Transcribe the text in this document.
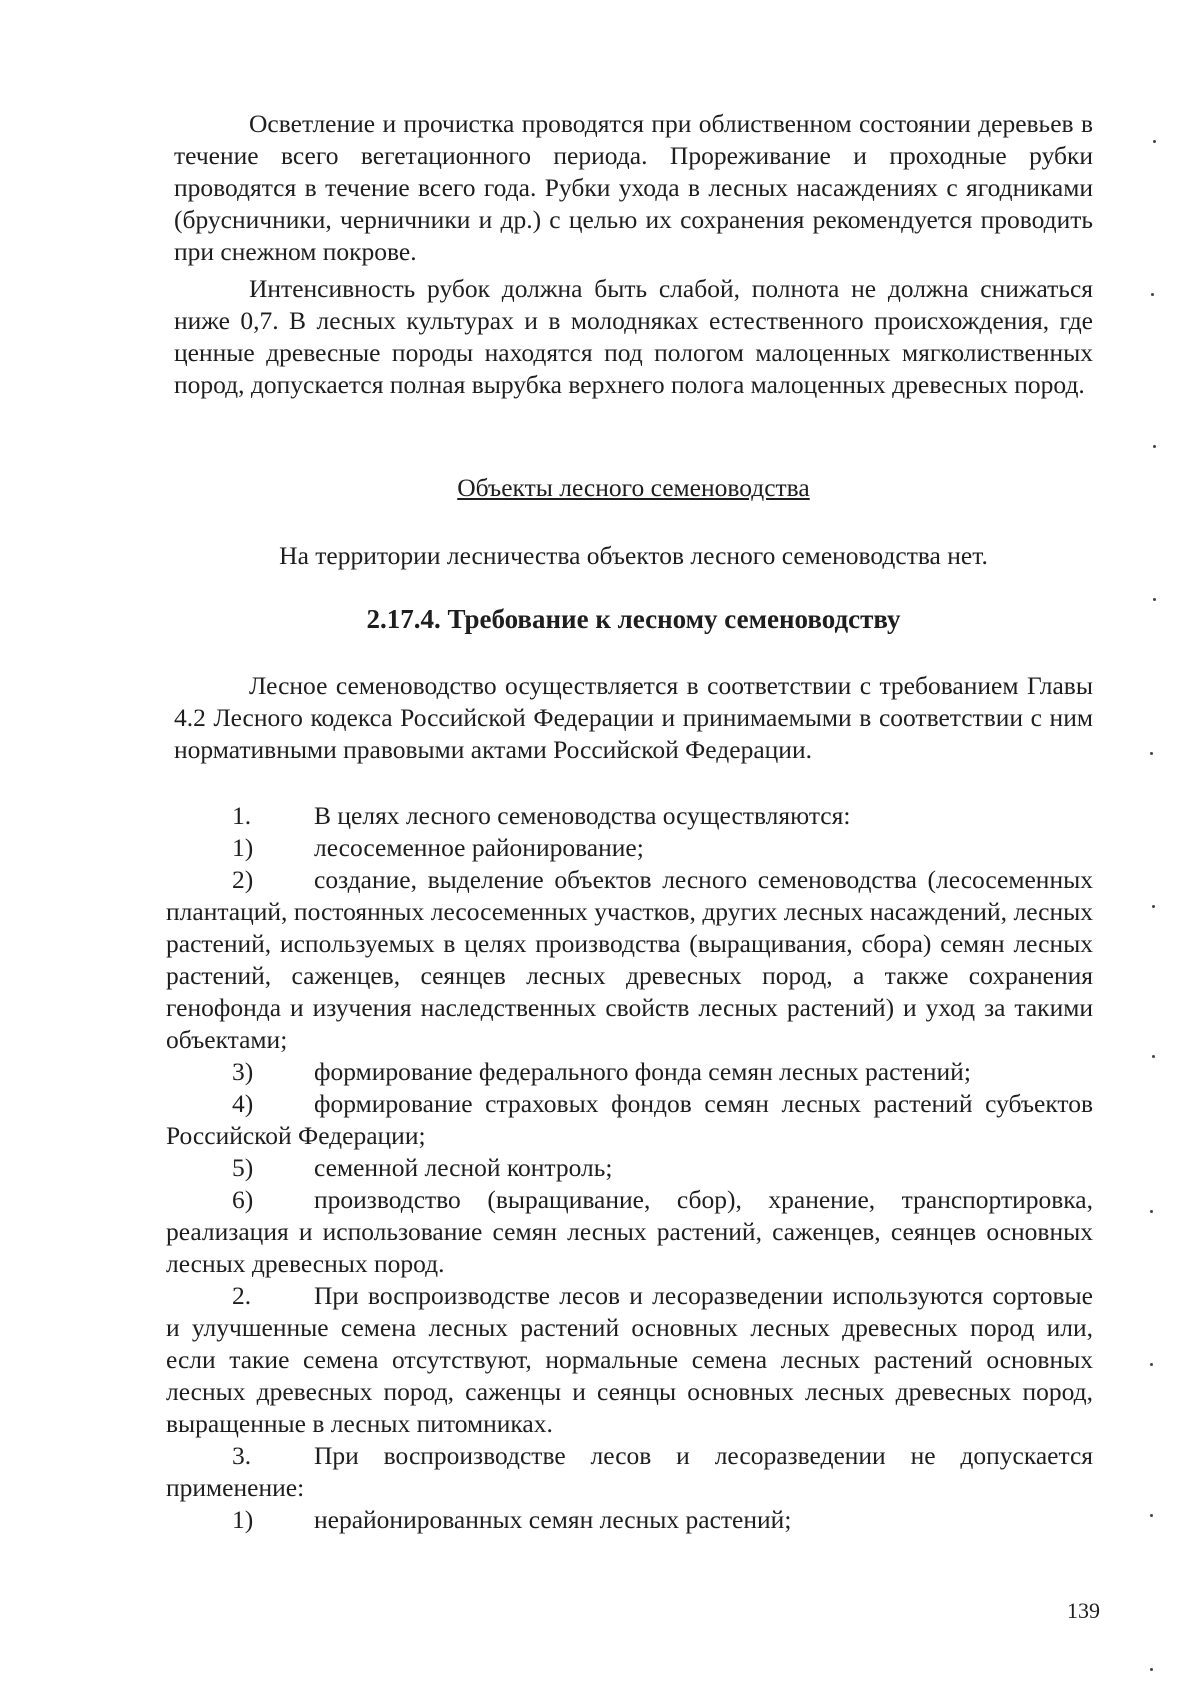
Осветление и прочистка проводятся при облиственном состоянии деревьев в течение всего вегетационного периода. Прореживание и проходные рубки проводятся в течение всего года. Рубки ухода в лесных насаждениях с ягодниками (брусничники, черничники и др.) с целью их сохранения рекомендуется проводить при снежном покрове.
Интенсивность рубок должна быть слабой, полнота не должна снижаться ниже 0,7. В лесных культурах и в молодняках естественного происхождения, где ценные древесные породы находятся под пологом малоценных мягколиственных пород, допускается полная вырубка верхнего полога малоценных древесных пород.
Объекты лесного семеноводства
На территории лесничества объектов лесного семеноводства нет.
2.17.4. Требование к лесному семеноводству
Лесное семеноводство осуществляется в соответствии с требованием Главы 4.2 Лесного кодекса Российской Федерации и принимаемыми в соответствии с ним нормативными правовыми актами Российской Федерации.
1.	В целях лесного семеноводства осуществляются:
1)	лесосеменное районирование;
2)	создание, выделение объектов лесного семеноводства (лесосеменных плантаций, постоянных лесосеменных участков, других лесных насаждений, лесных растений, используемых в целях производства (выращивания, сбора) семян лесных растений, саженцев, сеянцев лесных древесных пород, а также сохранения генофонда и изучения наследственных свойств лесных растений) и уход за такими объектами;
3)	формирование федерального фонда семян лесных растений;
4)	формирование страховых фондов семян лесных растений субъектов Российской Федерации;
5)	семенной лесной контроль;
6)	производство (выращивание, сбор), хранение, транспортировка, реализация и использование семян лесных растений, саженцев, сеянцев основных лесных древесных пород.
2.	При воспроизводстве лесов и лесоразведении используются сортовые и улучшенные семена лесных растений основных лесных древесных пород или, если такие семена отсутствуют, нормальные семена лесных растений основных лесных древесных пород, саженцы и сеянцы основных лесных древесных пород, выращенные в лесных питомниках.
3.	При воспроизводстве лесов и лесоразведении не допускается применение:
1)	нерайонированных семян лесных растений;
139
